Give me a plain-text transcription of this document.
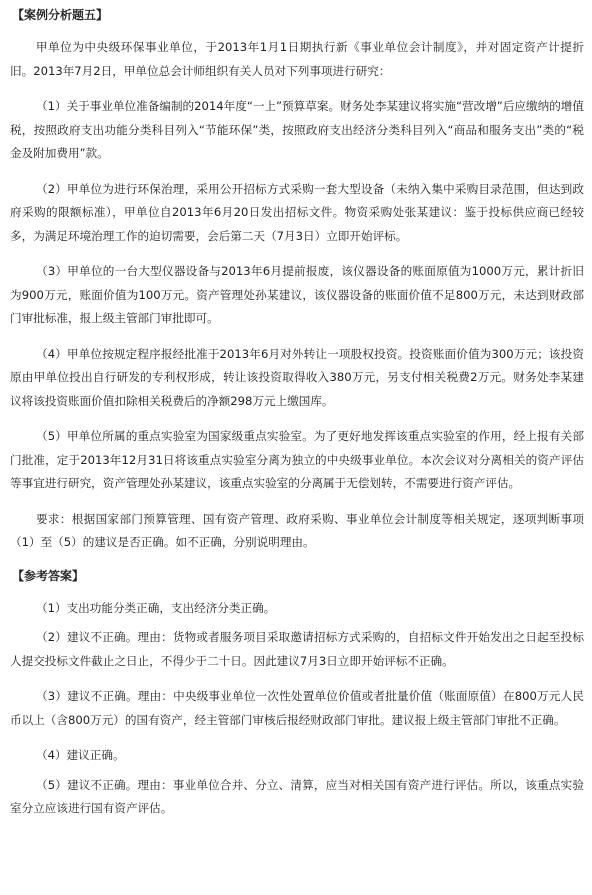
【案例分析题五】

甲单位为中央级环保事业单位，于2013年1月1日期执行新《事业单位会计制度》，并对固定资产计提折旧。2013年7月2日，甲单位总会计师组织有关人员对下列事项进行研究：

（1）关于事业单位准备编制的2014年度“一上”预算草案。财务处李某建议将实施“营改增”后应缴纳的增值税，按照政府支出功能分类科目列入“节能环保”类，按照政府支出经济分类科目列入“商品和服务支出”类的“税金及附加费用”款。

（2）甲单位为进行环保治理，采用公开招标方式采购一套大型设备（未纳入集中采购目录范围，但达到政府采购的限额标准），甲单位自2013年6月20日发出招标文件。物资采购处张某建议：鉴于投标供应商已经较多，为满足环境治理工作的迫切需要，会后第二天（7月3日）立即开始评标。

（3）甲单位的一台大型仪器设备与2013年6月提前报废，该仪器设备的账面原值为1000万元，累计折旧为900万元，账面价值为100万元。资产管理处孙某建议，该仪器设备的账面价值不足800万元，未达到财政部门审批标准，报上级主管部门审批即可。

（4）甲单位按规定程序报经批准于2013年6月对外转让一项股权投资。投资账面价值为300万元；该投资原由甲单位投出自行研发的专利权形成，转让该投资取得收入380万元，另支付相关税费2万元。财务处李某建议将该投资账面价值扣除相关税费后的净额298万元上缴国库。

（5）甲单位所属的重点实验室为国家级重点实验室。为了更好地发挥该重点实验室的作用，经上报有关部门批准，定于2013年12月31日将该重点实验室分离为独立的中央级事业单位。本次会议对分离相关的资产评估等事宜进行研究，资产管理处孙某建议，该重点实验室的分离属于无偿划转，不需要进行资产评估。

要求：根据国家部门预算管理、国有资产管理、政府采购、事业单位会计制度等相关规定，逐项判断事项（1）至（5）的建议是否正确。如不正确，分别说明理由。

【参考答案】

（1）支出功能分类正确，支出经济分类正确。

（2）建议不正确。理由：货物或者服务项目采取邀请招标方式采购的，自招标文件开始发出之日起至投标人提交投标文件截止之日止，不得少于二十日。因此建议7月3日立即开始评标不正确。

（3）建议不正确。理由：中央级事业单位一次性处置单位价值或者批量价值（账面原值）在800万元人民币以上（含800万元）的国有资产，经主管部门审核后报经财政部门审批。建议报上级主管部门审批不正确。

（4）建议正确。

（5）建议不正确。理由：事业单位合并、分立、清算，应当对相关国有资产进行评估。所以，该重点实验室分立应该进行国有资产评估。
